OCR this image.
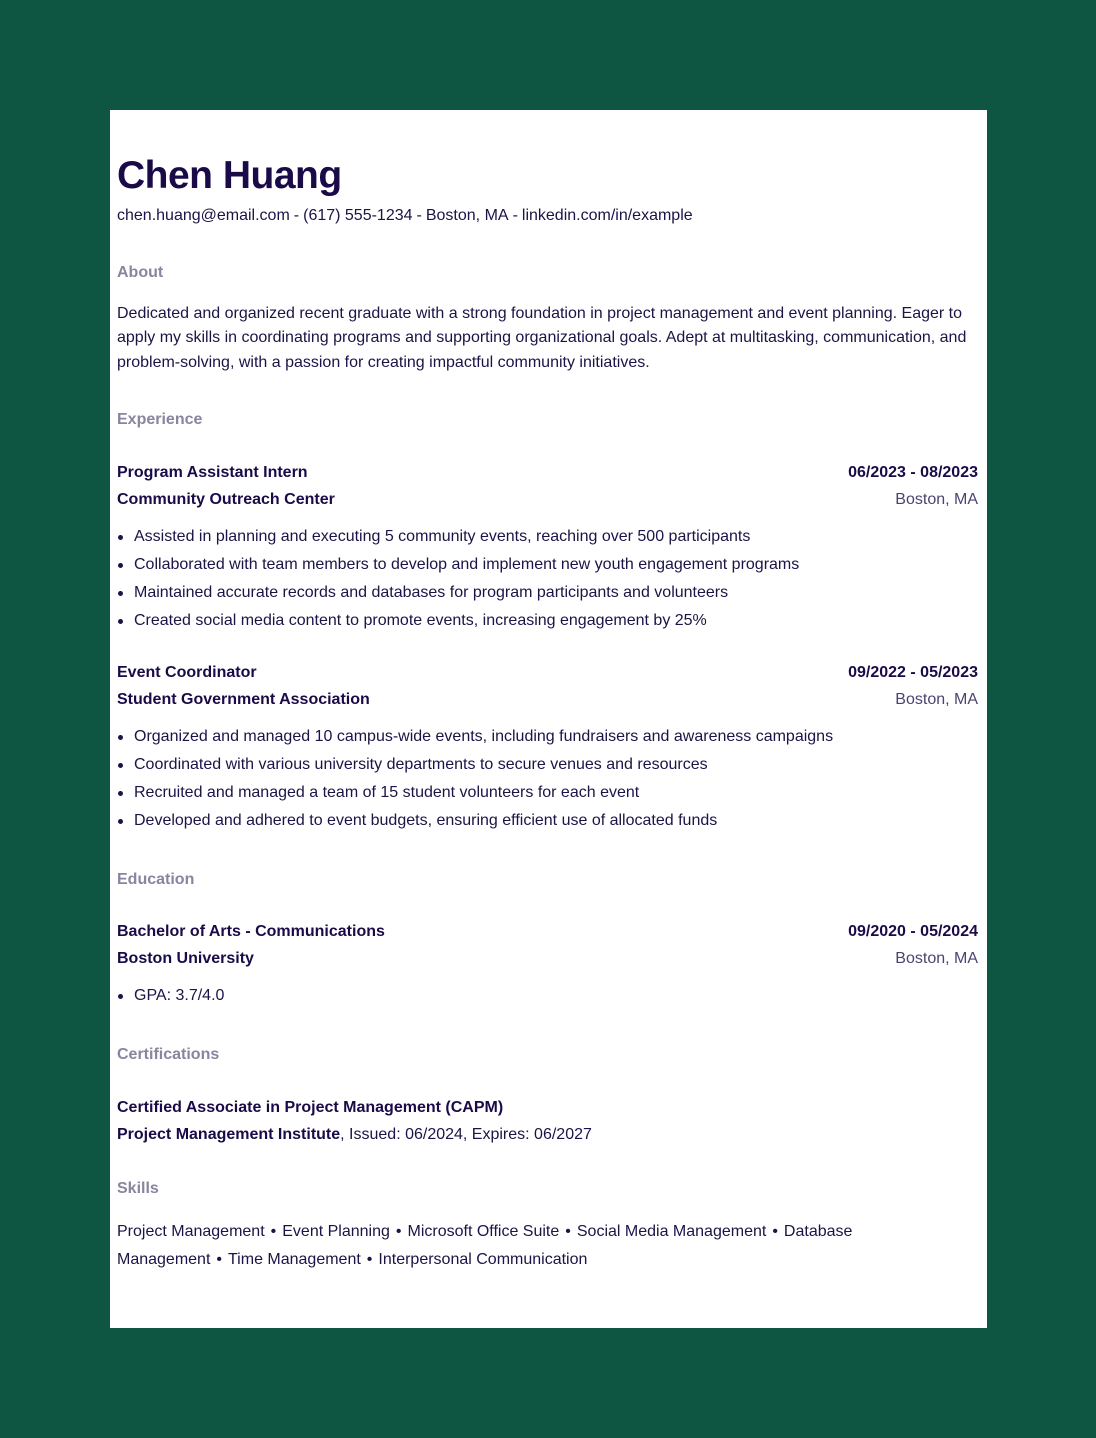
Chen Huang
chen.huang@email.com - (617) 555-1234 - Boston, MA - linkedin.com/in/example
About

Dedicated and organized recent graduate with a strong foundation in project management and event planning. Eager to apply my skills in coordinating programs and supporting organizational goals. Adept at multitasking, communication, and problem-solving, with a passion for creating impactful community initiatives.

Experience
Program Assistant Intern	06/2023 - 08/2023
Community Outreach Center	Boston, MA
Assisted in planning and executing 5 community events, reaching over 500 participants
Collaborated with team members to develop and implement new youth engagement programs
Maintained accurate records and databases for program participants and volunteers
Created social media content to promote events, increasing engagement by 25%
Event Coordinator	09/2022 - 05/2023
Student Government Association	Boston, MA
Organized and managed 10 campus-wide events, including fundraisers and awareness campaigns
Coordinated with various university departments to secure venues and resources
Recruited and managed a team of 15 student volunteers for each event
Developed and adhered to event budgets, ensuring efficient use of allocated funds
Education
Bachelor of Arts - Communications	09/2020 - 05/2024
Boston University	Boston, MA
GPA: 3.7/4.0
Certifications
Certified Associate in Project Management (CAPM)
Project Management Institute, Issued: 06/2024, Expires: 06/2027
Skills
Project Management • Event Planning • Microsoft Office Suite • Social Media Management • Database Management • Time Management • Interpersonal Communication
